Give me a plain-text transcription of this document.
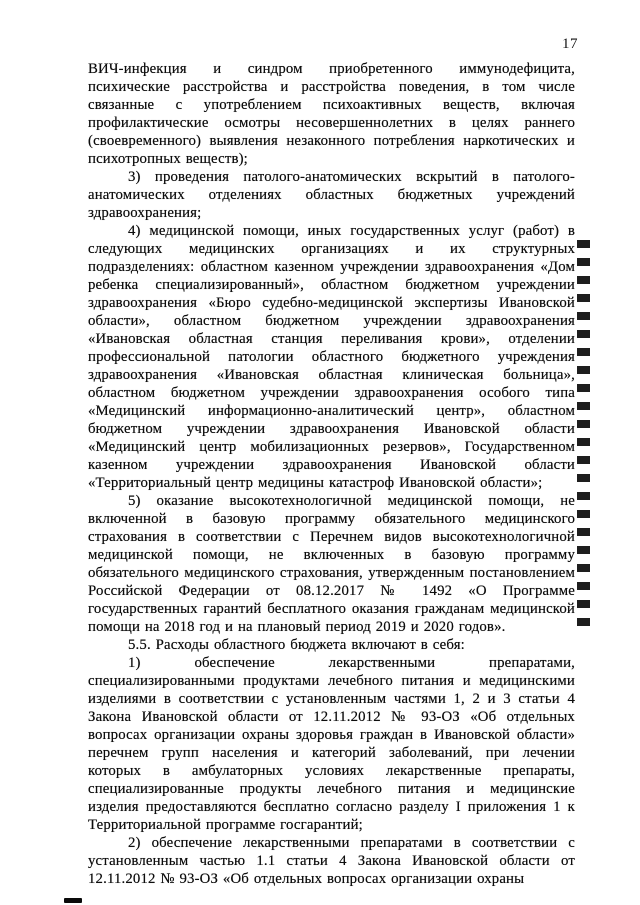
17

ВИЧ-инфекция и синдром приобретенного иммунодефицита, психические расстройства и расстройства поведения, в том числе связанные с употреблением психоактивных веществ, включая профилактические осмотры несовершеннолетних в целях раннего (своевременного) выявления незаконного потребления наркотических и психотропных веществ);

3) проведения патолого-анатомических вскрытий в патолого-анатомических отделениях областных бюджетных учреждений здравоохранения;

4) медицинской помощи, иных государственных услуг (работ) в следующих медицинских организациях и их структурных подразделениях: областном казенном учреждении здравоохранения «Дом ребенка специализированный», областном бюджетном учреждении здравоохранения «Бюро судебно-медицинской экспертизы Ивановской области», областном бюджетном учреждении здравоохранения «Ивановская областная станция переливания крови», отделении профессиональной патологии областного бюджетного учреждения здравоохранения «Ивановская областная клиническая больница», областном бюджетном учреждении здравоохранения особого типа «Медицинский информационно-аналитический центр», областном бюджетном учреждении здравоохранения Ивановской области «Медицинский центр мобилизационных резервов», Государственном казенном учреждении здравоохранения Ивановской области «Территориальный центр медицины катастроф Ивановской области»;

5) оказание высокотехнологичной медицинской помощи, не включенной в базовую программу обязательного медицинского страхования в соответствии с Перечнем видов высокотехнологичной медицинской помощи, не включенных в базовую программу обязательного медицинского страхования, утвержденным постановлением Российской Федерации от 08.12.2017 № 1492 «О Программе государственных гарантий бесплатного оказания гражданам медицинской помощи на 2018 год и на плановый период 2019 и 2020 годов».

5.5. Расходы областного бюджета включают в себя:

1) обеспечение лекарственными препаратами, специализированными продуктами лечебного питания и медицинскими изделиями в соответствии с установленным частями 1, 2 и 3 статьи 4 Закона Ивановской области от 12.11.2012 № 93-ОЗ «Об отдельных вопросах организации охраны здоровья граждан в Ивановской области» перечнем групп населения и категорий заболеваний, при лечении которых в амбулаторных условиях лекарственные препараты, специализированные продукты лечебного питания и медицинские изделия предоставляются бесплатно согласно разделу I приложения 1 к Территориальной программе госгарантий;

2) обеспечение лекарственными препаратами в соответствии с установленным частью 1.1 статьи 4 Закона Ивановской области от 12.11.2012 № 93-ОЗ «Об отдельных вопросах организации охраны
